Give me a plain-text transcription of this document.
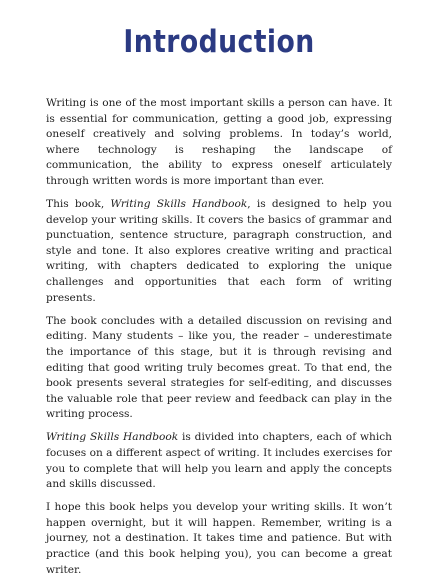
Introduction

Writing is one of the most important skills a person can have. It is essential for communication, getting a good job, expressing oneself creatively and solving problems. In today’s world, where technology is reshaping the landscape of communication, the ability to express oneself articulately through written words is more important than ever.

This book, Writing Skills Handbook, is designed to help you develop your writing skills. It covers the basics of grammar and punctuation, sentence structure, paragraph construction, and style and tone. It also explores creative writing and practical writing, with chapters dedicated to exploring the unique challenges and opportunities that each form of writing presents.

The book concludes with a detailed discussion on revising and editing. Many students – like you, the reader – underestimate the importance of this stage, but it is through revising and editing that good writing truly becomes great. To that end, the book presents several strategies for self-editing, and discusses the valuable role that peer review and feedback can play in the writing process.

Writing Skills Handbook is divided into chapters, each of which focuses on a different aspect of writing. It includes exercises for you to complete that will help you learn and apply the concepts and skills discussed.

I hope this book helps you develop your writing skills. It won’t happen overnight, but it will happen. Remember, writing is a journey, not a destination. It takes time and patience. But with practice (and this book helping you), you can become a great writer.
